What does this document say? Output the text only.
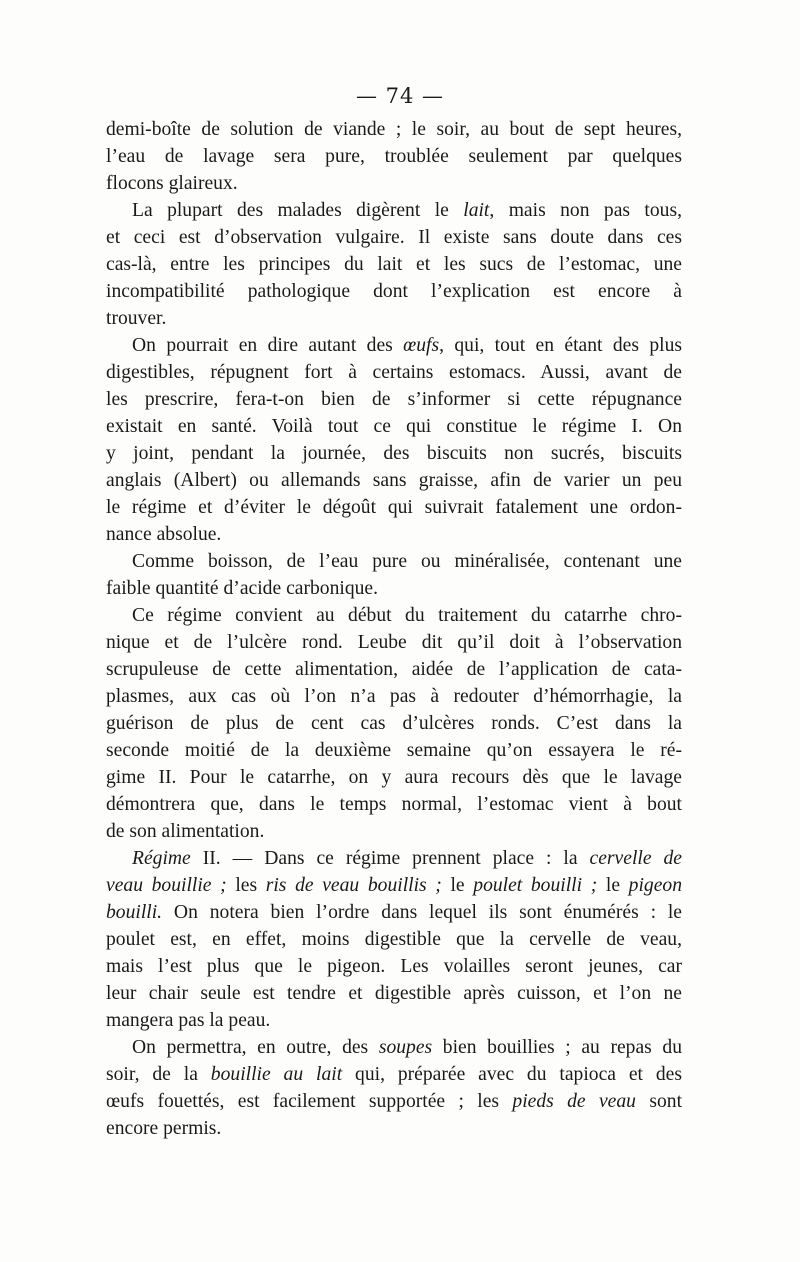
— 74 —
demi-boîte de solution de viande ; le soir, au bout de sept heures,
l’eau de lavage sera pure, troublée seulement par quelques
flocons glaireux.
La plupart des malades digèrent le lait, mais non pas tous,
et ceci est d’observation vulgaire. Il existe sans doute dans ces
cas-là, entre les principes du lait et les sucs de l’estomac, une
incompatibilité pathologique dont l’explication est encore à
trouver.
On pourrait en dire autant des œufs, qui, tout en étant des plus
digestibles, répugnent fort à certains estomacs. Aussi, avant de
les prescrire, fera-t-on bien de s’informer si cette répugnance
existait en santé. Voilà tout ce qui constitue le régime I. On
y joint, pendant la journée, des biscuits non sucrés, biscuits
anglais (Albert) ou allemands sans graisse, afin de varier un peu
le régime et d’éviter le dégoût qui suivrait fatalement une ordon-
nance absolue.
Comme boisson, de l’eau pure ou minéralisée, contenant une
faible quantité d’acide carbonique.
Ce régime convient au début du traitement du catarrhe chro-
nique et de l’ulcère rond. Leube dit qu’il doit à l’observation
scrupuleuse de cette alimentation, aidée de l’application de cata-
plasmes, aux cas où l’on n’a pas à redouter d’hémorrhagie, la
guérison de plus de cent cas d’ulcères ronds. C’est dans la
seconde moitié de la deuxième semaine qu’on essayera le ré-
gime II. Pour le catarrhe, on y aura recours dès que le lavage
démontrera que, dans le temps normal, l’estomac vient à bout
de son alimentation.
Régime II. — Dans ce régime prennent place : la cervelle de
veau bouillie ; les ris de veau bouillis ; le poulet bouilli ; le pigeon
bouilli. On notera bien l’ordre dans lequel ils sont énumérés : le
poulet est, en effet, moins digestible que la cervelle de veau,
mais l’est plus que le pigeon. Les volailles seront jeunes, car
leur chair seule est tendre et digestible après cuisson, et l’on ne
mangera pas la peau.
On permettra, en outre, des soupes bien bouillies ; au repas du
soir, de la bouillie au lait qui, préparée avec du tapioca et des
œufs fouettés, est facilement supportée ; les pieds de veau sont
encore permis.
